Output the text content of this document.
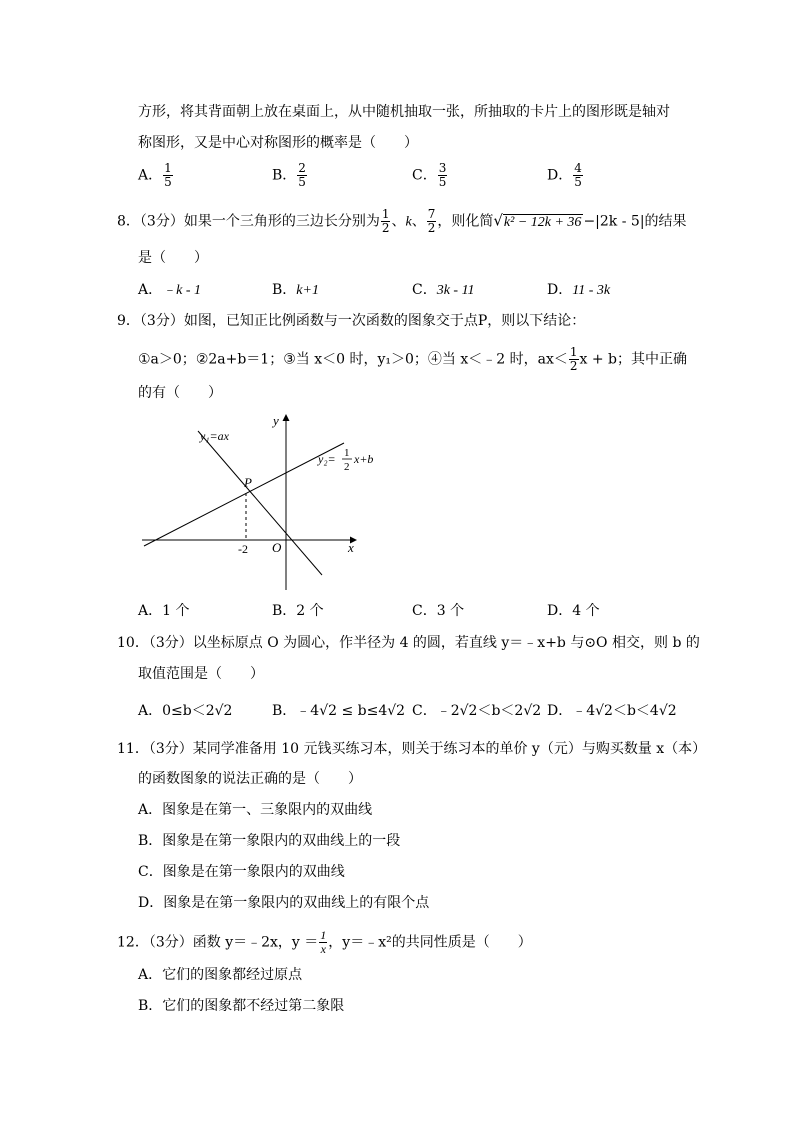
方形，将其背面朝上放在桌面上，从中随机抽取一张，所抽取的卡片上的图形既是轴对
称图形，又是中心对称图形的概率是（　　）
A． $\frac{1}{5}$	B． $\frac{2}{5}$	C． $\frac{3}{5}$	D． $\frac{4}{5}$
8．（3分）如果一个三角形的三边长分别为 $\frac{1}{2}$ 、k、 $\frac{7}{2}$ ，则化简√k² − 12k + 36 −|2k - 5|的结果
是（　　）
A．﹣k - 1	B．k+1	C．3k - 11	D．11 - 3k
9．（3分）如图，已知正比例函数与一次函数的图象交于点P，则以下结论：
①a＞0；②2a+b＝1；③当 x＜0 时，y₁＞0；④当 x＜﹣2 时，$ax< \frac{1}{2}$ x + b；其中正确
的有（　　）
y
x
O
-2
P
y₁=ax
y₂= 1
2
x+b
A．1 个	B．2 个	C．3 个	D．4 个
10．（3分）以坐标原点 O 为圆心，作半径为 4 的圆，若直线 y＝﹣x+b 与⊙O 相交，则 b 的
取值范围是（　　）
A．0≤b＜2√2	B．﹣4√2 ≤ b≤4√2 C．﹣2√2＜b＜2√2 D．﹣4√2＜b＜4√2
11．（3分）某同学准备用 10 元钱买练习本，则关于练习本的单价 y（元）与购买数量 x（本）
的函数图象的说法正确的是（　　）
A．图象是在第一、三象限内的双曲线
B．图象是在第一象限内的双曲线上的一段
C．图象是在第一象限内的双曲线
D．图象是在第一象限内的双曲线上的有限个点
12．（3分）函数 y＝﹣2x，$y = \frac{1}{x}$ ，y＝﹣x²的共同性质是（　　）
A．它们的图象都经过原点
B．它们的图象都不经过第二象限
